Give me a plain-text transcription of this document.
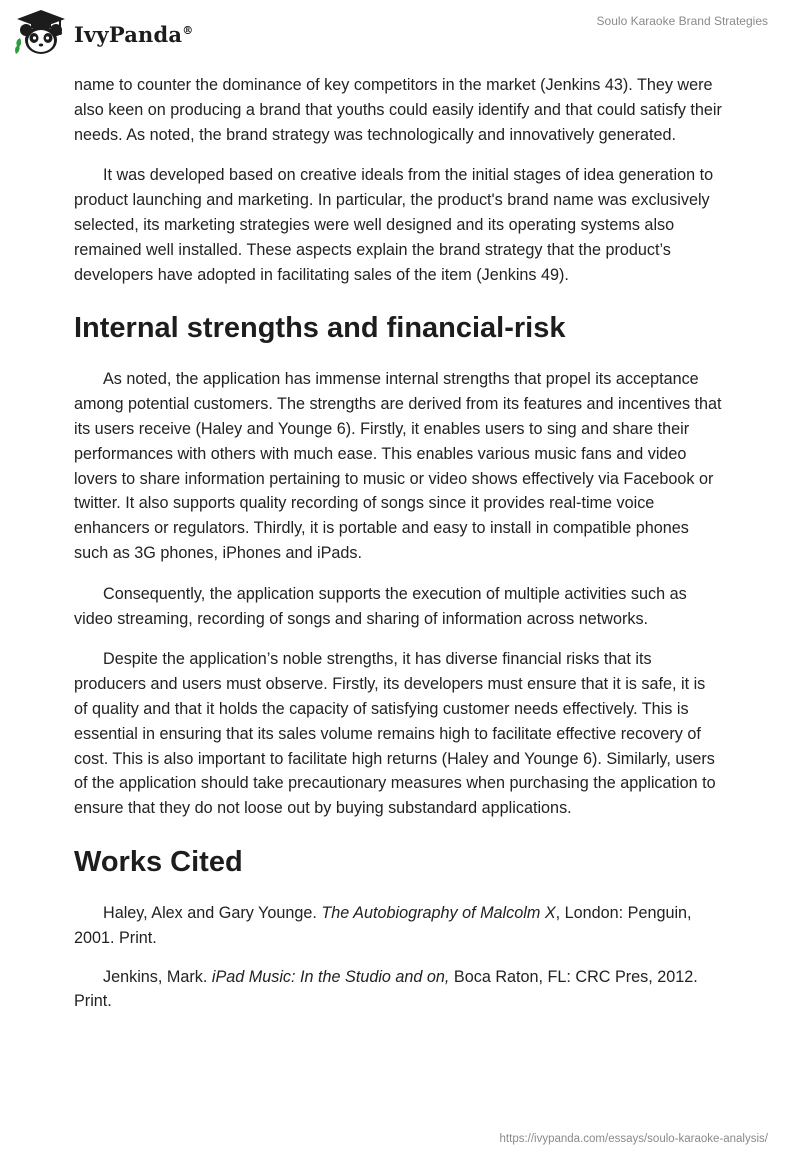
IvyPanda®
Soulo Karaoke Brand Strategies

name to counter the dominance of key competitors in the market (Jenkins 43). They were also keen on producing a brand that youths could easily identify and that could satisfy their needs. As noted, the brand strategy was technologically and innovatively generated.

It was developed based on creative ideals from the initial stages of idea generation to product launching and marketing. In particular, the product's brand name was exclusively selected, its marketing strategies were well designed and its operating systems also remained well installed. These aspects explain the brand strategy that the product’s developers have adopted in facilitating sales of the item (Jenkins 49).

Internal strengths and financial-risk

As noted, the application has immense internal strengths that propel its acceptance among potential customers. The strengths are derived from its features and incentives that its users receive (Haley and Younge 6). Firstly, it enables users to sing and share their performances with others with much ease. This enables various music fans and video lovers to share information pertaining to music or video shows effectively via Facebook or twitter. It also supports quality recording of songs since it provides real-time voice enhancers or regulators. Thirdly, it is portable and easy to install in compatible phones such as 3G phones, iPhones and iPads.

Consequently, the application supports the execution of multiple activities such as video streaming, recording of songs and sharing of information across networks.

Despite the application’s noble strengths, it has diverse financial risks that its producers and users must observe. Firstly, its developers must ensure that it is safe, it is of quality and that it holds the capacity of satisfying customer needs effectively. This is essential in ensuring that its sales volume remains high to facilitate effective recovery of cost. This is also important to facilitate high returns (Haley and Younge 6). Similarly, users of the application should take precautionary measures when purchasing the application to ensure that they do not loose out by buying substandard applications.

Works Cited

Haley, Alex and Gary Younge. The Autobiography of Malcolm X, London: Penguin, 2001. Print.

Jenkins, Mark. iPad Music: In the Studio and on, Boca Raton, FL: CRC Pres, 2012. Print.

https://ivypanda.com/essays/soulo-karaoke-analysis/
